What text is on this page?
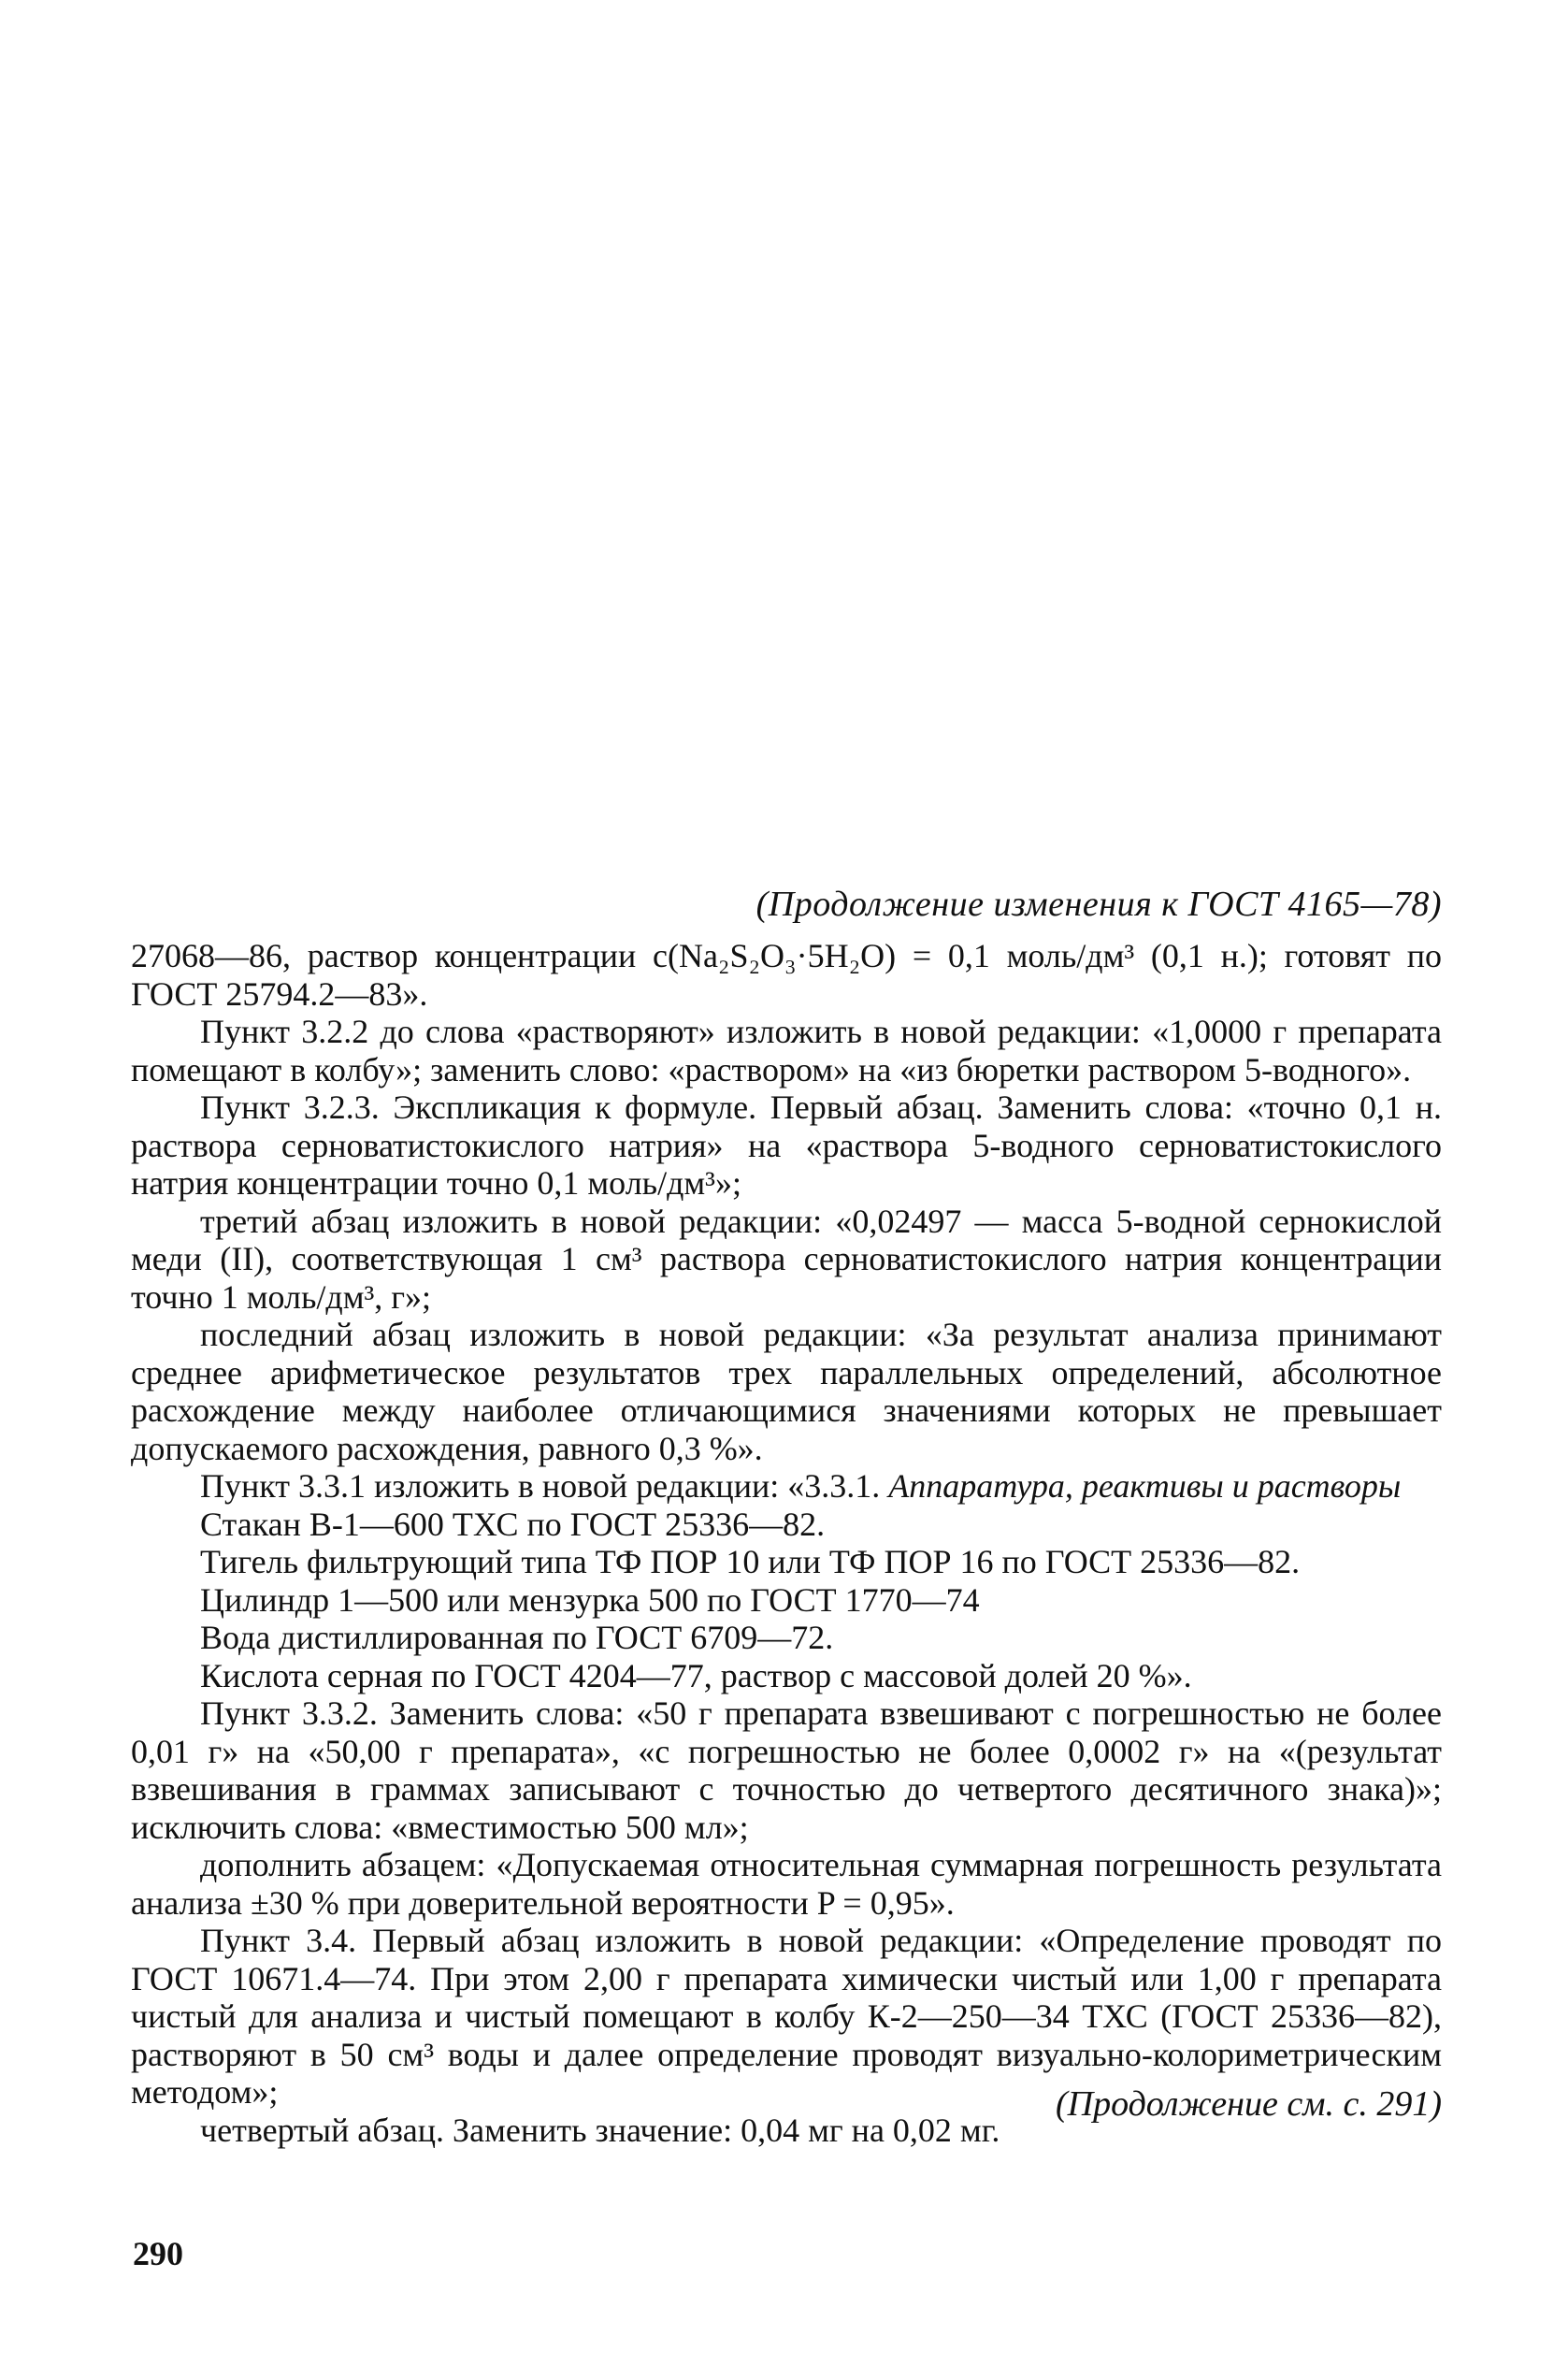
(Продолжение изменения к ГОСТ 4165—78)

27068—86, раствор концентрации c(Na₂S₂O₃·5H₂O) = 0,1 моль/дм³ (0,1 н.); готовят по ГОСТ 25794.2—83».

Пункт 3.2.2 до слова «растворяют» изложить в новой редакции: «1,0000 г препарата помещают в колбу»; заменить слово: «раствором» на «из бюретки раствором 5-водного».

Пункт 3.2.3. Экспликация к формуле. Первый абзац. Заменить слова: «точно 0,1 н. раствора серноватистокислого натрия» на «раствора 5-водного серноватистокислого натрия концентрации точно 0,1 моль/дм³»;

третий абзац изложить в новой редакции: «0,02497 — масса 5-водной сернокислой меди (II), соответствующая 1 см³ раствора серноватистокислого натрия концентрации точно 1 моль/дм³, г»;

последний абзац изложить в новой редакции: «За результат анализа принимают среднее арифметическое результатов трех параллельных определений, абсолютное расхождение между наиболее отличающимися значениями которых не превышает допускаемого расхождения, равного 0,3 %».

Пункт 3.3.1 изложить в новой редакции: «3.3.1. Аппаратура, реактивы и растворы

Стакан В-1—600 ТХС по ГОСТ 25336—82.

Тигель фильтрующий типа ТФ ПОР 10 или ТФ ПОР 16 по ГОСТ 25336—82.

Цилиндр 1—500 или мензурка 500 по ГОСТ 1770—74

Вода дистиллированная по ГОСТ 6709—72.

Кислота серная по ГОСТ 4204—77, раствор с массовой долей 20 %».

Пункт 3.3.2. Заменить слова: «50 г препарата взвешивают с погрешностью не более 0,01 г» на «50,00 г препарата», «с погрешностью не более 0,0002 г» на «(результат взвешивания в граммах записывают с точностью до четвертого десятичного знака)»; исключить слова: «вместимостью 500 мл»;

дополнить абзацем: «Допускаемая относительная суммарная погрешность результата анализа ±30 % при доверительной вероятности P = 0,95».

Пункт 3.4. Первый абзац изложить в новой редакции: «Определение проводят по ГОСТ 10671.4—74. При этом 2,00 г препарата химически чистый или 1,00 г препарата чистый для анализа и чистый помещают в колбу К-2—250—34 ТХС (ГОСТ 25336—82), растворяют в 50 см³ воды и далее определение проводят визуально-колориметрическим методом»;

четвертый абзац. Заменить значение: 0,04 мг на 0,02 мг.

(Продолжение см. с. 291)
290
